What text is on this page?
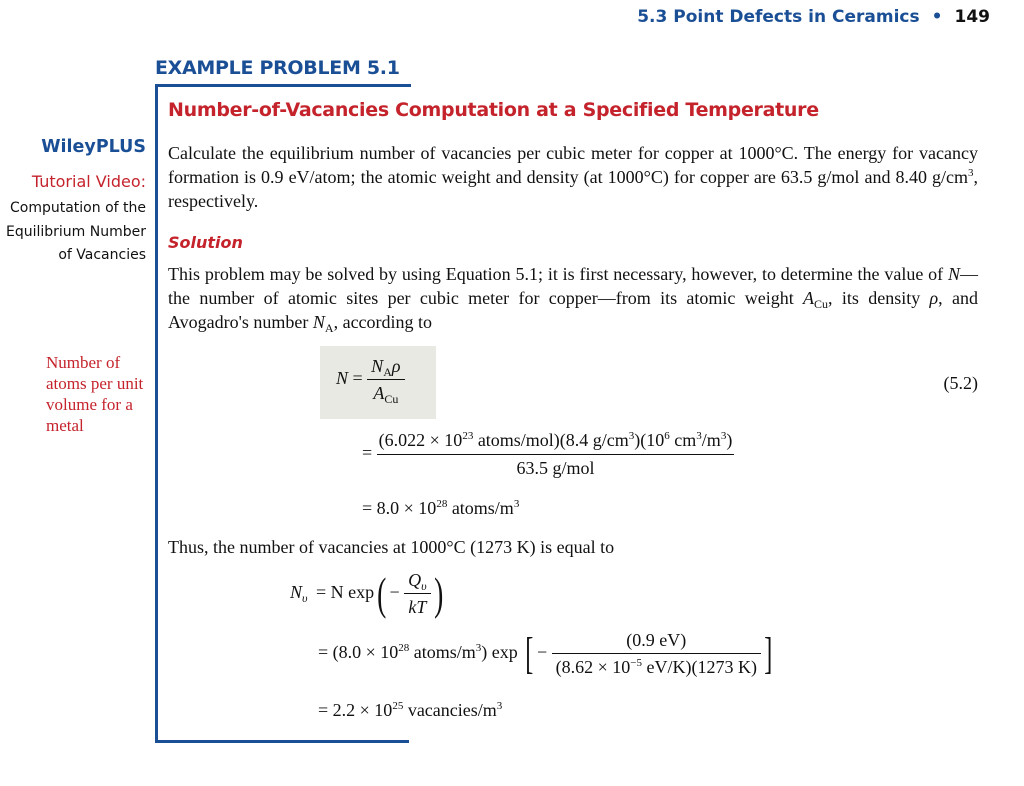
5.3 Point Defects in Ceramics • 149
EXAMPLE PROBLEM 5.1
Number-of-Vacancies Computation at a Specified Temperature
WileyPLUS
Tutorial Video:
Computation of the Equilibrium Number of Vacancies
Number of atoms per unit volume for a metal
Calculate the equilibrium number of vacancies per cubic meter for copper at 1000°C. The energy for vacancy formation is 0.9 eV/atom; the atomic weight and density (at 1000°C) for copper are 63.5 g/mol and 8.40 $g/cm^3$, respectively.
Solution
This problem may be solved by using Equation 5.1; it is first necessary, however, to determine the value of N—the number of atomic sites per cubic meter for copper—from its atomic weight $A_{Cu}$, its density ρ, and Avogadro's number $N_A$, according to
$N = \frac{N_A\rho}{A_{Cu}}$	(5.2)
= $\frac{(6.022 \times 10^{23} atoms/mol)(8.4 g/cm^3)(10^6 cm^3/m^3)}{\text{63.5 g/mol}}$
= $8.0 \times 10^{28}$ atoms/$m^3$
Thus, the number of vacancies at 1000°C (1273 K) is equal to
$N_\upsilon = N$ $\exp( - \frac{Q_\upsilon}{kT}$ )
= ($8.0 \times 10^{28}$ atoms/$m^3$) exp [ − $\frac{(0.9 eV)}{(8.62 \times 10^{-5} eV/K)(1273 K)}$ ]
= $2.2 \times 10^{25}$ vacancies/$m^3$
